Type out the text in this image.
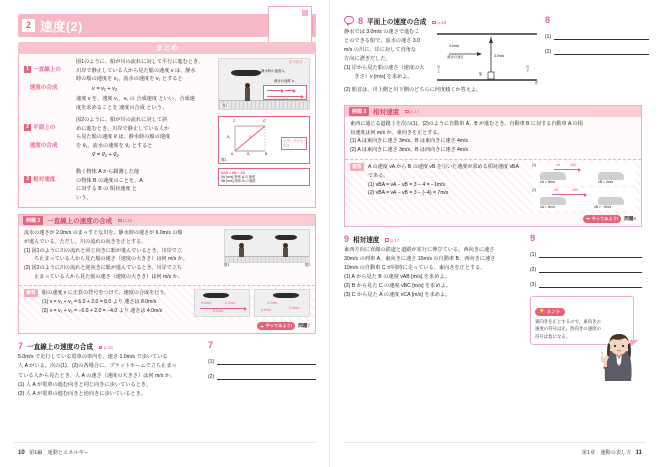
2 速度(2)
まとめ
1 一直線上の
　速度の合成
図1のように、船が川の流れに対して平行に進むとき、
川岸で静止している人から見た船の速度 v は、静水
時の船の速度を v₁、流水の速度を v₂ とすると
v = v₁ + v₂
速度 v を、速度 v₁、v₂ の 合成速度 といい、合成速
度を求めることを 速度の合成 という。
正の向き →
静水時の速度 v₁
流水の速度 v₂
v = v₁ + v₂
図1
2 平面上の
　速度の合成
図2のように、船が川の流れに対して斜
めに進むとき、川岸で静止している人か
ら見た船の速度 v⃗ は、静水時の船の速度
を v⃗₁、流水の速度を v⃗₂ とすると
v⃗ = v⃗₁ + v⃗₂
C	C′
v⃗
v⃗₂
A	v⃗₁	B
川岸に平行な向き
図2
3 相対速度
動く物体 A から観測した他
の物体 B の速度のことを、A
に対する B の 相対速度 と
いう。
v⃗AB = v⃗B − v⃗A
v⃗A [m/s] 物体 A の速度
v⃗B [m/s] 物体 B の速度
例題 2	一直線上の速度の合成	p.16
流水の速さが 2.0m/s のまっすぐな川を、静水時の速さが 6.0m/s の船
が進んでいる。ただし、川の流れの向きを正とする。
(1) 図1のように川の流れと同じ向きに船が進んでいるとき、川岸で立
　　ち止まっている人から見た船の速さ（速度の大きさ）は何 m/s か。
(2) 図2のように川の流れと逆向きに船が進んでいるとき、川岸で立ち
　　止まっている人から見た船の速さ（速度の大きさ）は何 m/s か。
図1	図2
解答	船の速度 v に正負の符号をつけて、速度の合成を行う。
(1) v = v₁ + v₂ = 6.0 + 2.0 = 8.0 より 速さは 8.0m/s
(2) v = v₁ + v₂ = −6.0 + 2.0 = −4.0 より 速さは 4.0m/s
6.0m/s	2.0m/s
8.0m/s
6.0m/s
2.0m/s
4.0m/s
➡ やってみよう! 問題7
7 一直線上の速度の合成	p.16
5.0m/s で走行している電車の車内を、速さ 1.0m/s で歩いている
人 A がいる。次の(1)、(2)の各場合に、プラットホームで立ち止まっ
ている人から見たとき、人 A の速さ（速度の大きさ）は何 m/s か。
(1) 人 A が電車の進む向きと同じ向きに歩いているとき。
(2) 人 A が電車の進む向きと逆向きに歩いているとき。
7
(1)
(2)
10 第1編　運動とエネルギー
8 平面上の速度の合成	p.19
静水では 3.0m/s の速さで進むこ
とのできる船で、流水の速さ 3.0
m/s の川に、岸に対して直角な
方向に漕ぎだした。
(1) 岸から見た船の速さ（速度の大
　　きさ）v [m/s] を求めよ。
3.0m/s
流水の速さ	3.0m/s
川
上
船
川
下
岸
(2) 船首は、川上側と川下側のどちらに何度傾くか答えよ。
8
(1)
(2)
例題 3	相対速度	p.17
東西に通じる道路上を次の(1)、(2)のように自動車 A、B が進むとき、自動車 B に対する自動車 A の相
対速度は何 m/s か。東向きを正とする。
(1) A は東向きに速さ 3m/s、B は東向きに速さ 4m/s
(2) A は東向きに速さ 3m/s、B は西向きに速さ 4m/s
解答	A の速度 vA から B の速度 vB を引いた速度が求める相対速度 vBA
である。
(1) vBA = vA − vB = 3 − 4 = −1m/s
(2) vBA = vA − vB = 3 − (−4) = 7m/s
(1)	vB	vBA
vA = 3m/s	vB = 4m/s
(2)	vB	vBA
vA = 3m/s	vB = −4m/s
➡ やってみよう! 問題9
9 相対速度	p.17
東西方向に直線の鉄道と道路が並行に伸びている。西向きに速さ
30m/s の列車 A、東向きに速さ 15m/s の自動車 B、西向きに速さ
10m/s の自動車 C が同時に走っている。東向きを正とする。
(1) A から見た B の速度 vAB [m/s] を求めよ。
(2) B から見た C の速度 vBC [m/s] を求めよ。
(3) C から見た A の速度 vCA [m/s] を求めよ。
9
(1)
(2)
(3)
💡 ヒント
東向きを正とするので、東向きの
速度の符号は正、西向きの速度の
符号は負になる。
第1章　運動の表し方 11
